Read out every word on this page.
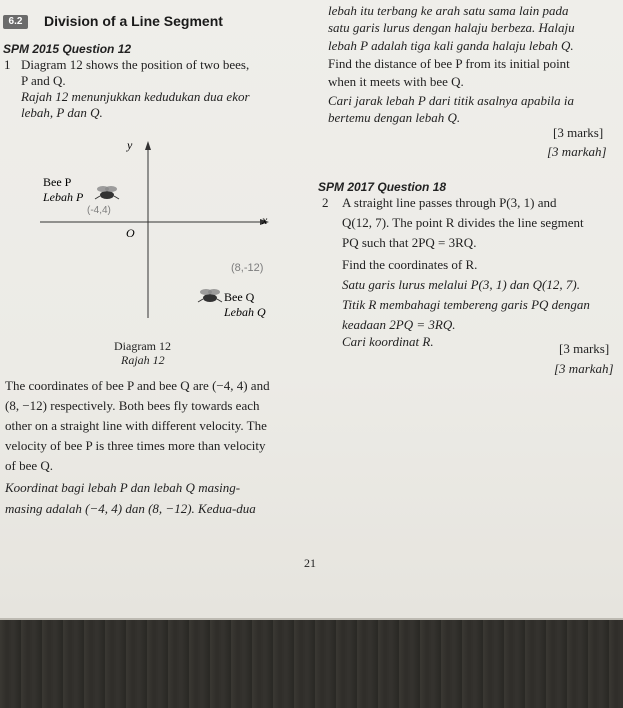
6.2	Division of a Line Segment
SPM 2015 Question 12
1 Diagram 12 shows the position of two bees,
P and Q.
Rajah 12 menunjukkan kedudukan dua ekor
lebah, P dan Q.
y
x
O
Bee P
Lebah P
(-4,4)
Bee Q
Lebah Q
(8,-12)
Diagram 12
Rajah 12
The coordinates of bee P and bee Q are (−4, 4) and
(8, −12) respectively. Both bees fly towards each
other on a straight line with different velocity. The
velocity of bee P is three times more than velocity
of bee Q.
Koordinat bagi lebah P dan lebah Q masing-
masing adalah (−4, 4) dan (8, −12). Kedua-dua
lebah itu terbang ke arah satu sama lain pada
satu garis lurus dengan halaju berbeza. Halaju
lebah P adalah tiga kali ganda halaju lebah Q.
Find the distance of bee P from its initial point
when it meets with bee Q.
Cari jarak lebah P dari titik asalnya apabila ia
bertemu dengan lebah Q.
[3 marks]
[3 markah]
SPM 2017 Question 18
2 A straight line passes through P(3, 1) and
Q(12, 7). The point R divides the line segment
PQ such that 2PQ = 3RQ.
Find the coordinates of R.
Satu garis lurus melalui P(3, 1) dan Q(12, 7).
Titik R membahagi tembereng garis PQ dengan
keadaan 2PQ = 3RQ.
Cari koordinat R.	[3 marks]
[3 markah]
21
